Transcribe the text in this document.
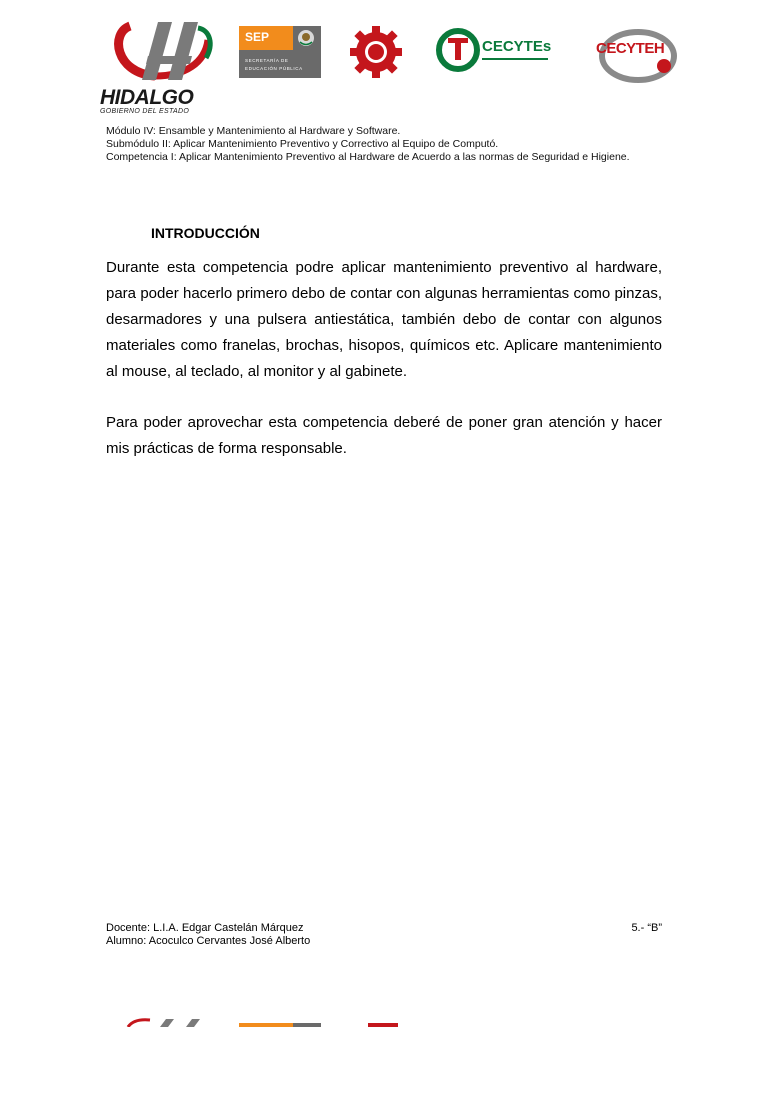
HIDALGO
GOBIERNO DEL ESTADO
SEP
SECRETARÍA DE
EDUCACIÓN PÚBLICA
CECYTEs	CECYTEH
Módulo IV: Ensamble y Mantenimiento al Hardware y Software.
Submódulo II: Aplicar Mantenimiento Preventivo y Correctivo al Equipo de Computó.
Competencia I: Aplicar Mantenimiento Preventivo al Hardware de Acuerdo a las normas de Seguridad e Higiene.
INTRODUCCIÓN

Durante esta competencia podre aplicar mantenimiento preventivo al hardware, para poder hacerlo primero debo de contar con algunas herramientas como pinzas, desarmadores y una pulsera antiestática, también debo de contar con algunos materiales como franelas, brochas, hisopos, químicos etc. Aplicare mantenimiento al mouse, al teclado, al monitor y al gabinete.

Para poder aprovechar esta competencia deberé de poner gran atención y hacer mis prácticas de forma responsable.

Docente: L.I.A. Edgar Castelán Márquez
Alumno: Acoculco Cervantes José Alberto
5.- “B”
